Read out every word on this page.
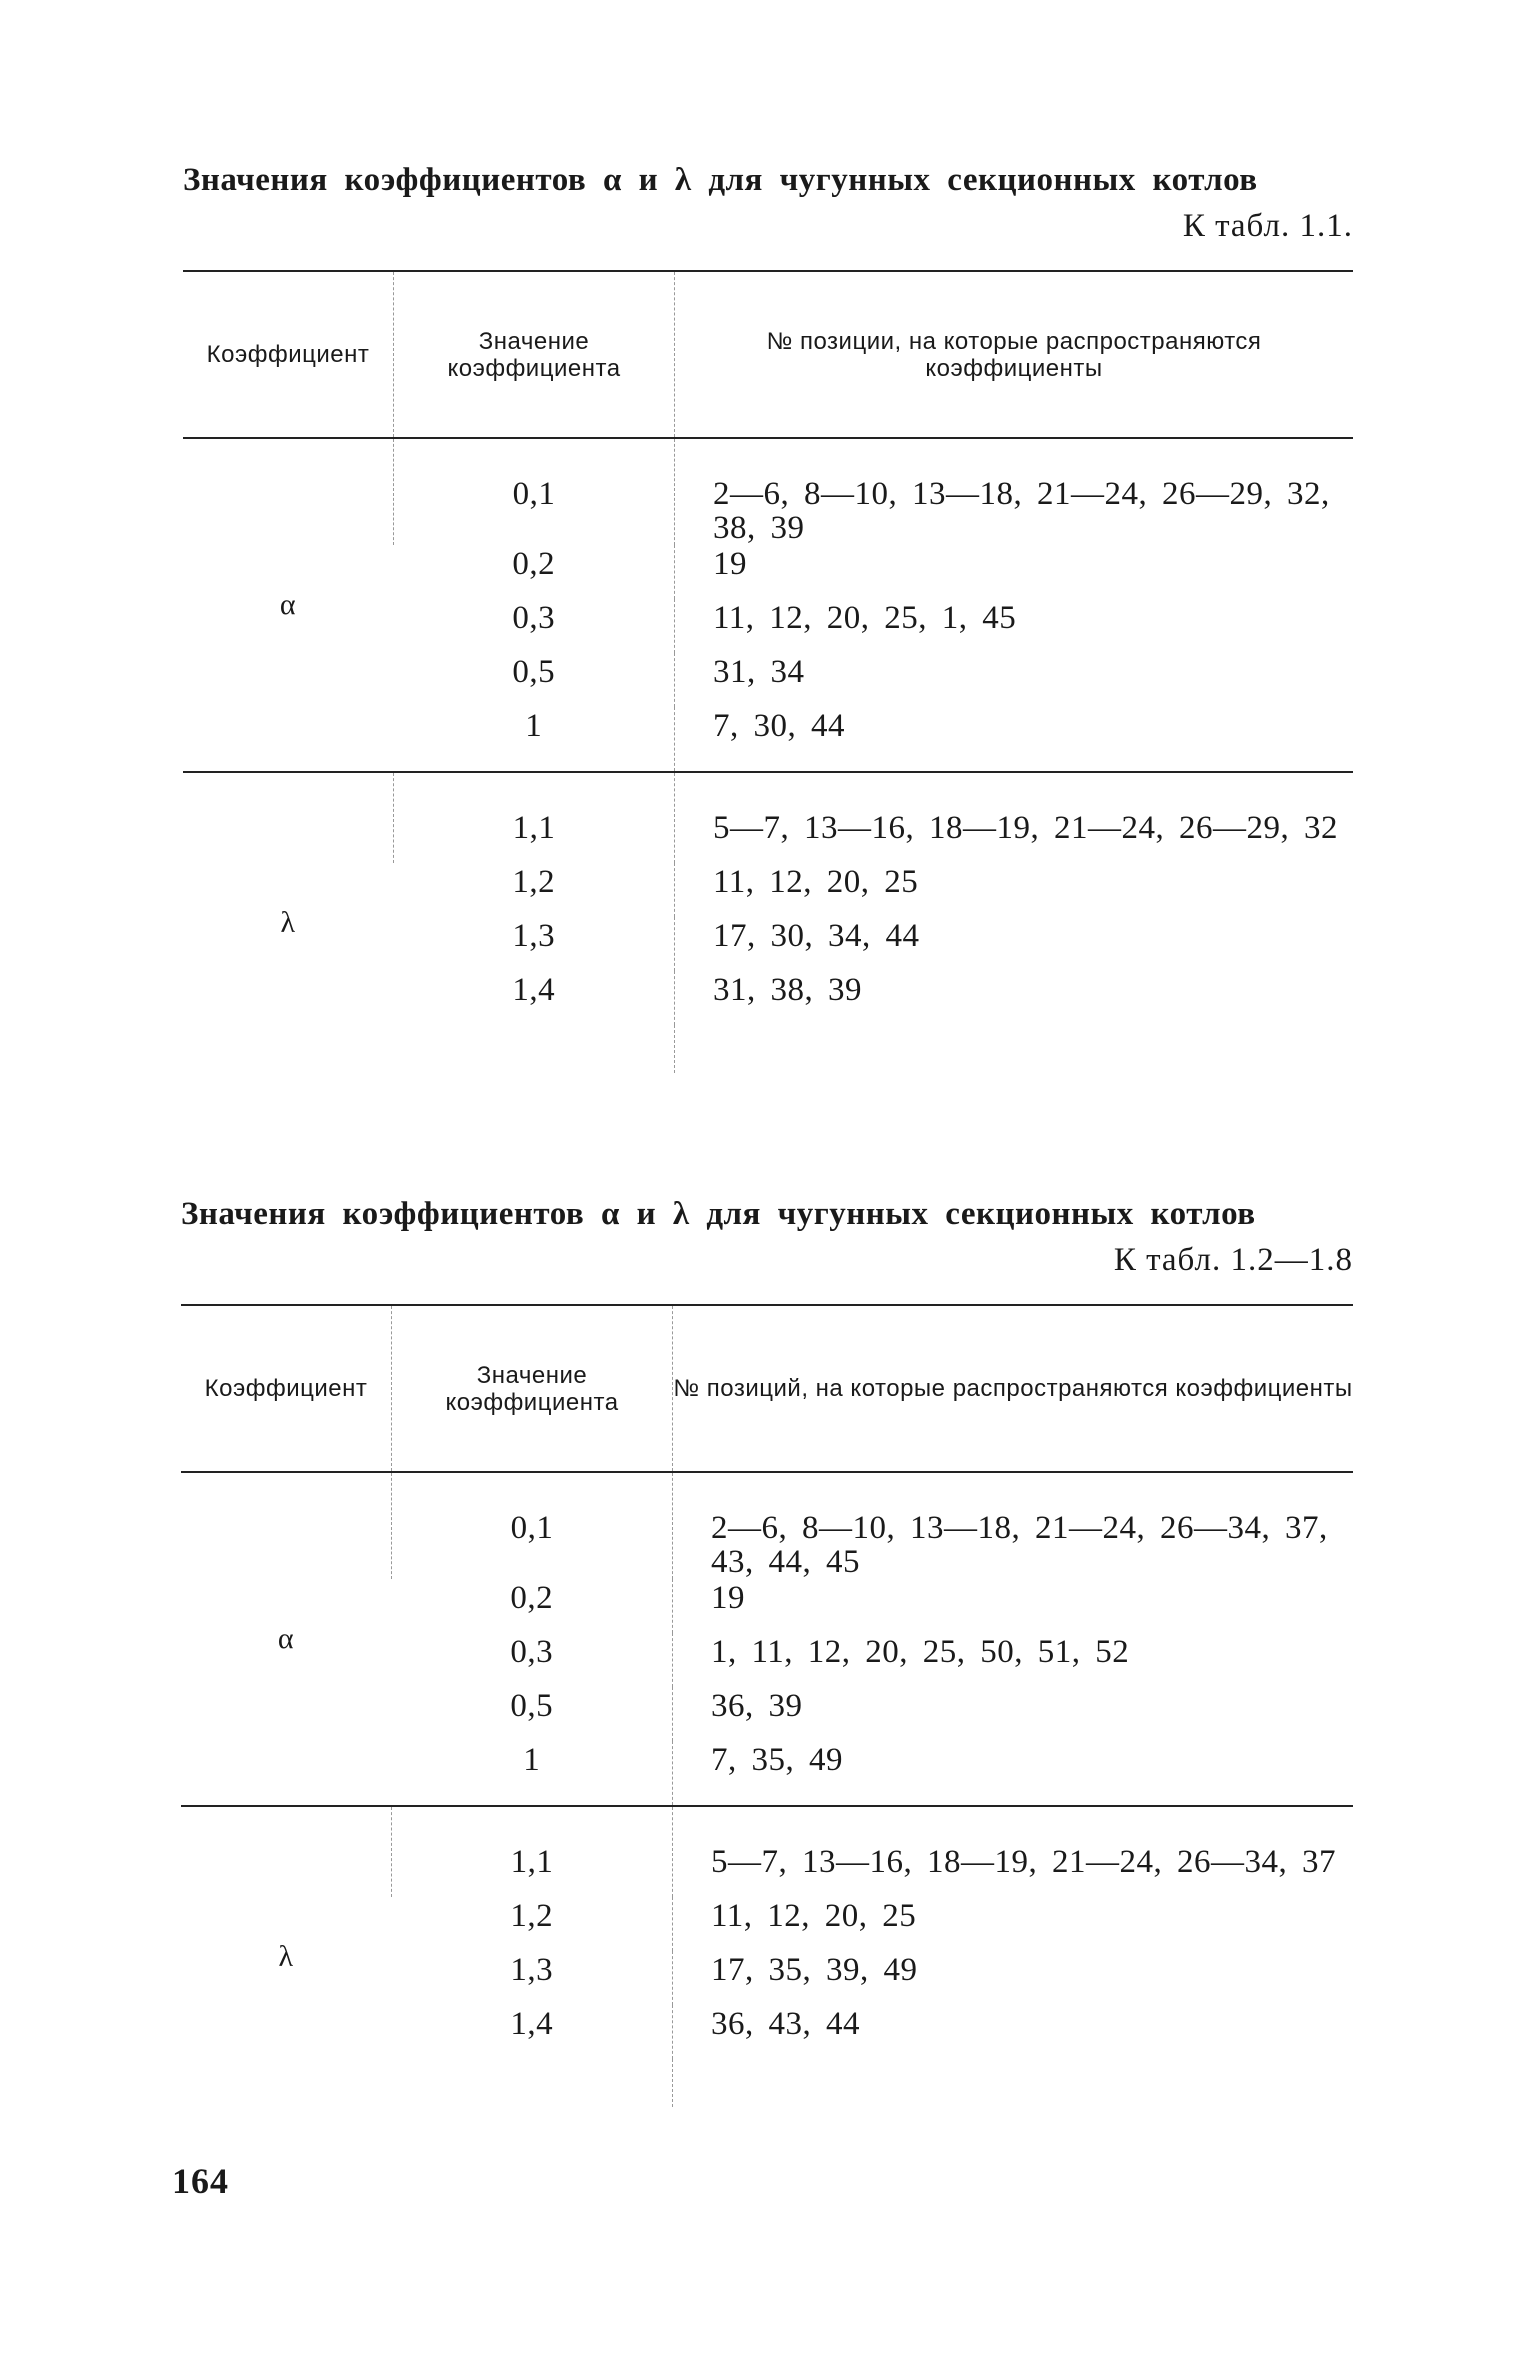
Значения коэффициентов α и λ для чугунных секционных котлов
К табл. 1.1.
Коэффициент	Значение коэффициента	№ позиции, на которые распространяются коэффициенты
α	0,1	2—6, 8—10, 13—18, 21—24, 26—29, 32, 38, 39
	0,2	19
	0,3	11, 12, 20, 25, 1, 45
	0,5	31, 34
	1	7, 30, 44
λ	1,1	5—7, 13—16, 18—19, 21—24, 26—29, 32
	1,2	11, 12, 20, 25
	1,3	17, 30, 34, 44
	1,4	31, 38, 39

Значения коэффициентов α и λ для чугунных секционных котлов
К табл. 1.2—1.8
Коэффициент	Значение коэффициента	№ позиций, на которые распространяются коэффициенты
α	0,1	2—6, 8—10, 13—18, 21—24, 26—34, 37, 43, 44, 45
	0,2	19
	0,3	1, 11, 12, 20, 25, 50, 51, 52
	0,5	36, 39
	1	7, 35, 49
λ	1,1	5—7, 13—16, 18—19, 21—24, 26—34, 37
	1,2	11, 12, 20, 25
	1,3	17, 35, 39, 49
	1,4	36, 43, 44

164
